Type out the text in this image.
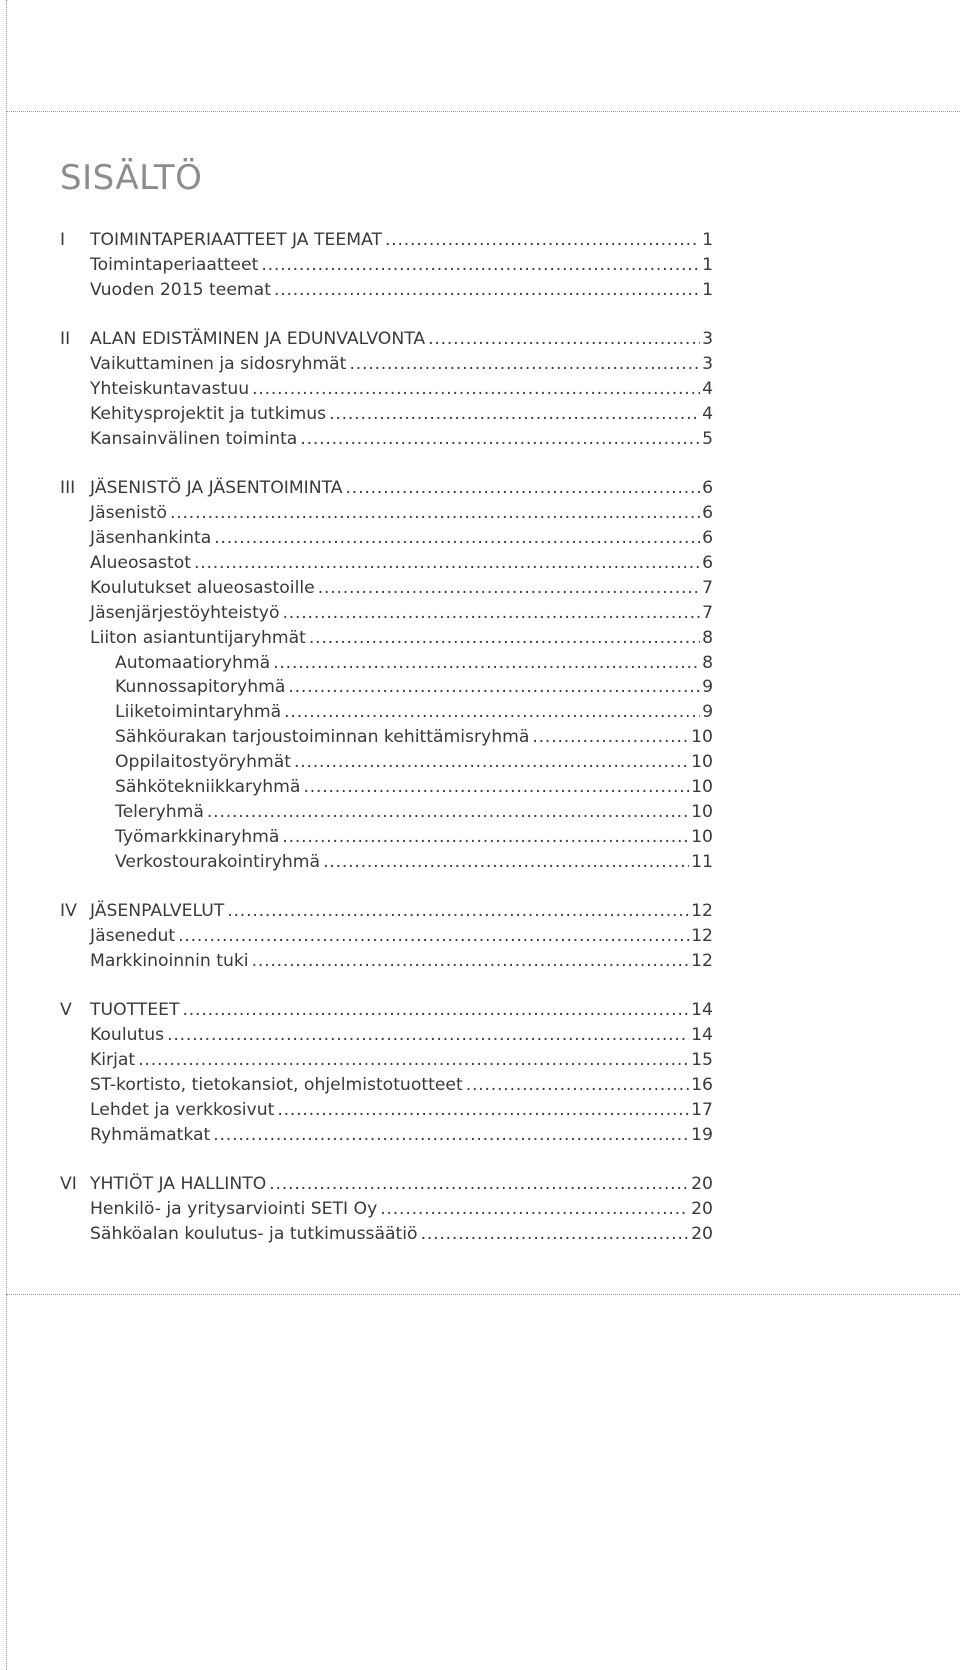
SISÄLTÖ
I TOIMINTAPERIAATTEET JA TEEMAT .....	1
Toimintaperiaatteet .....	1
Vuoden 2015 teemat .....	1
II ALAN EDISTÄMINEN JA EDUNVALVONTA .....	3
Vaikuttaminen ja sidosryhmät .....	3
Yhteiskuntavastuu .....	4
Kehitysprojektit ja tutkimus .....	4
Kansainvälinen toiminta .....	5
III JÄSENISTÖ JA JÄSENTOIMINTA .....	6
Jäsenistö .....	6
Jäsenhankinta .....	6
Alueosastot .....	6
Koulutukset alueosastoille .....	7
Jäsenjärjestöyhteistyö .....	7
Liiton asiantuntijaryhmät .....	8
Automaatioryhmä .....	8
Kunnossapitoryhmä .....	9
Liiketoimintaryhmä .....	9
Sähköurakan tarjoustoiminnan kehittämisryhmä .....	10
Oppilaitostyöryhmät .....	10
Sähkötekniikkaryhmä .....	10
Teleryhmä .....	10
Työmarkkinaryhmä .....	10
Verkostourakointiryhmä .....	11
IV JÄSENPALVELUT .....	12
Jäsenedut .....	12
Markkinoinnin tuki .....	12
V TUOTTEET .....	14
Koulutus .....	14
Kirjat .....	15
ST-kortisto, tietokansiot, ohjelmistotuotteet .....	16
Lehdet ja verkkosivut .....	17
Ryhmämatkat .....	19
VI YHTIÖT JA HALLINTO .....	20
Henkilö- ja yritysarviointi SETI Oy .....	20
Sähköalan koulutus- ja tutkimussäätiö .....	20
